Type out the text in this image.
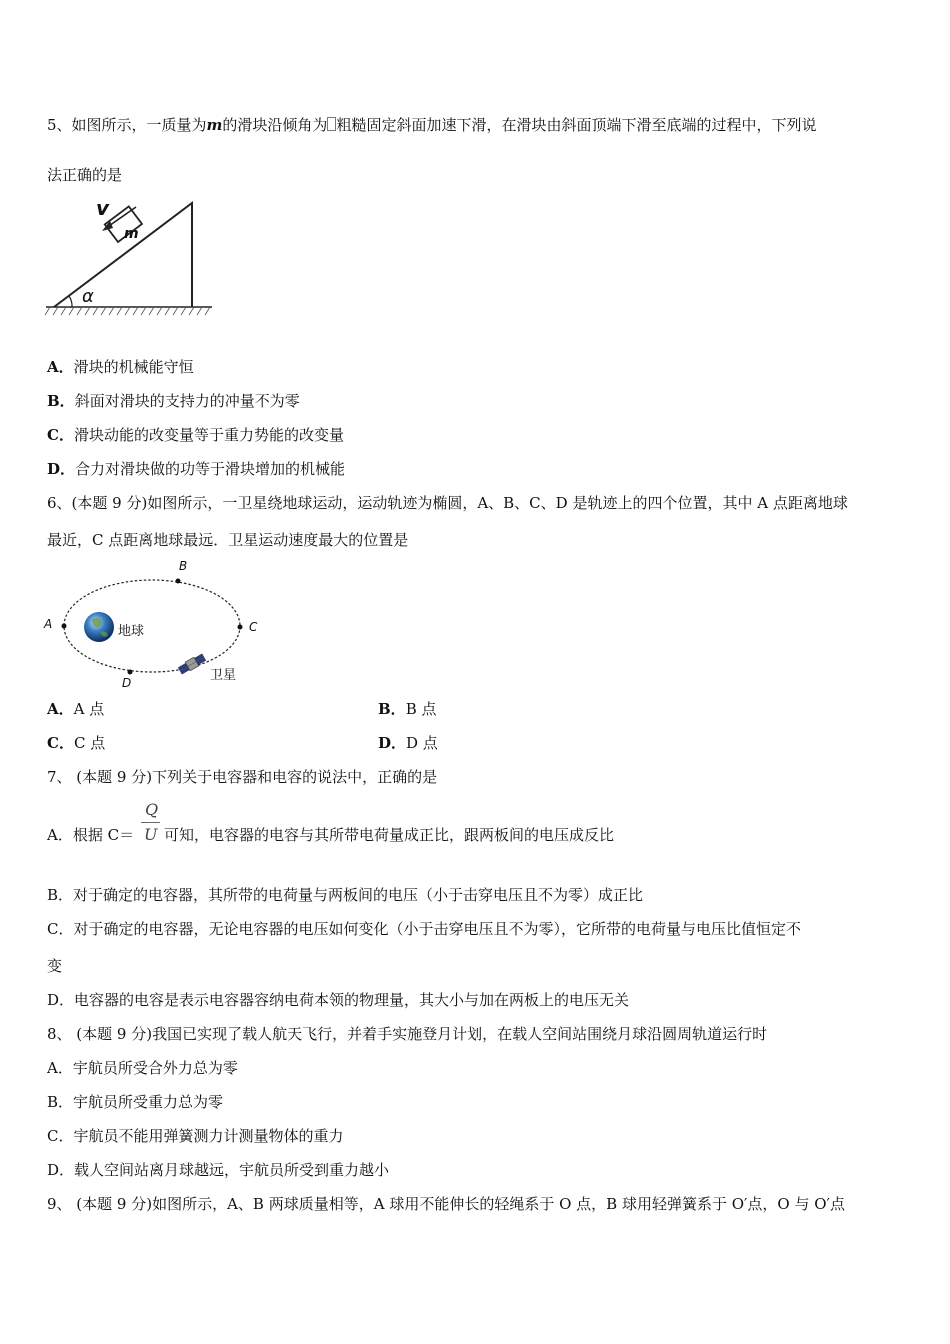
5、如图所示，一质量为m的滑块沿倾角为 粗糙固定斜面加速下滑，在滑块由斜面顶端下滑至底端的过程中，下列说
法正确的是
m
v
α
A．滑块的机械能守恒
B．斜面对滑块的支持力的冲量不为零
C．滑块动能的改变量等于重力势能的改变量
D．合力对滑块做的功等于滑块增加的机械能
6、(本题 9 分)如图所示，一卫星绕地球运动，运动轨迹为椭圆，A、B、C、D 是轨迹上的四个位置，其中 A 点距离地球
最近，C 点距离地球最远．卫星运动速度最大的位置是
A
B
C
D
地球
卫星
A．A 点	B．B 点
C．C 点	D．D 点
7、 (本题 9 分)下列关于电容器和电容的说法中，正确的是
Q
U
A．根据 C＝ 可知，电容器的电容与其所带电荷量成正比，跟两板间的电压成反比
B．对于确定的电容器，其所带的电荷量与两板间的电压（小于击穿电压且不为零）成正比
C．对于确定的电容器，无论电容器的电压如何变化（小于击穿电压且不为零），它所带的电荷量与电压比值恒定不
变
D．电容器的电容是表示电容器容纳电荷本领的物理量，其大小与加在两板上的电压无关
8、 (本题 9 分)我国已实现了载人航天飞行，并着手实施登月计划，在载人空间站围绕月球沿圆周轨道运行时
A．宇航员所受合外力总为零
B．宇航员所受重力总为零
C．宇航员不能用弹簧测力计测量物体的重力
D．载人空间站离月球越远，宇航员所受到重力越小
9、 (本题 9 分)如图所示，A、B 两球质量相等，A 球用不能伸长的轻绳系于 O 点，B 球用轻弹簧系于 O′点，O 与 O′点
